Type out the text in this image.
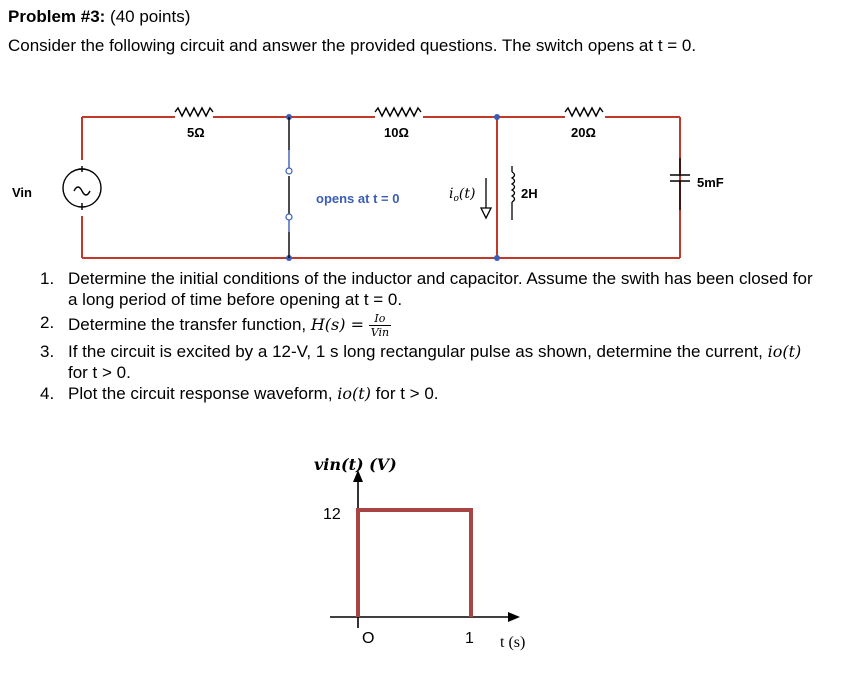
Problem #3: (40 points)
Consider the following circuit and answer the provided questions. The switch opens at t = 0.
5Ω	10Ω	20Ω
Vin	opens at t = 0	$i_o(t)$	2H
5mF
vin(t) (V)
12
O	1 t (s)
1. Determine the initial conditions of the inductor and capacitor. Assume the swith has been closed for a long period of time before opening at t = 0.
2. Determine the transfer function, $H(s) = \frac{Io}{\text{Vin}}$
3. If the circuit is excited by a 12-V, 1 s long rectangular pulse as shown, determine the current, io(t) for t > 0.
4. Plot the circuit response waveform, io(t) for t > 0.
